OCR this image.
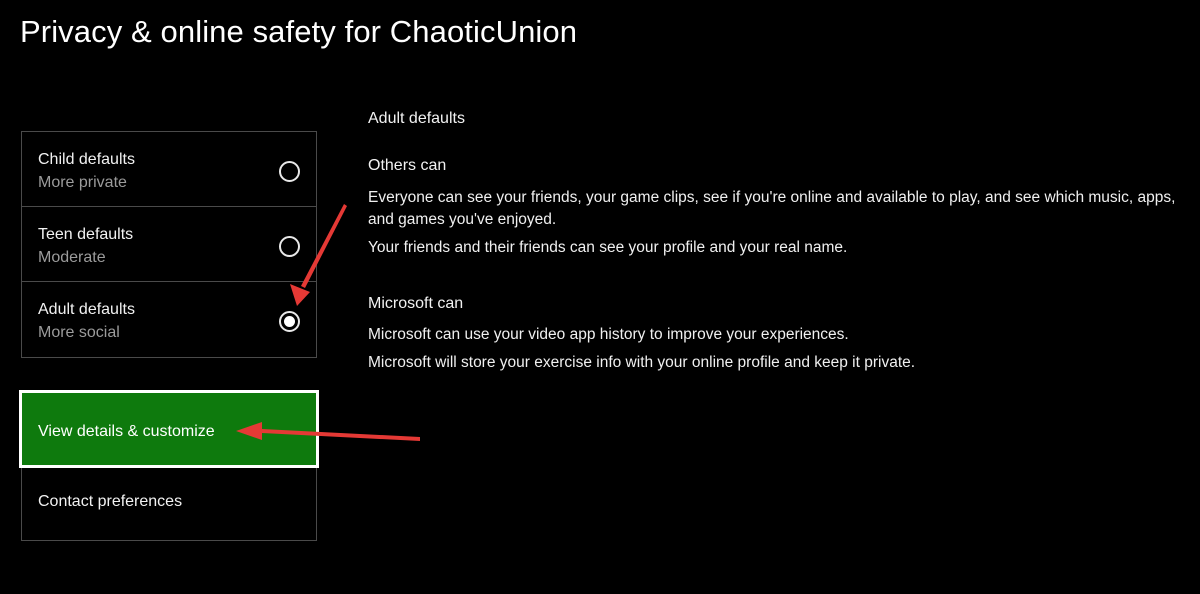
Privacy & online safety for ChaoticUnion
Child defaults
More private
Teen defaults
Moderate
Adult defaults
More social
View details & customize
Contact preferences

Adult defaults

Others can

Everyone can see your friends, your game clips, see if you're online and available to play, and see which music, apps, and games you've enjoyed.

Your friends and their friends can see your profile and your real name.

Microsoft can

Microsoft can use your video app history to improve your experiences.

Microsoft will store your exercise info with your online profile and keep it private.
